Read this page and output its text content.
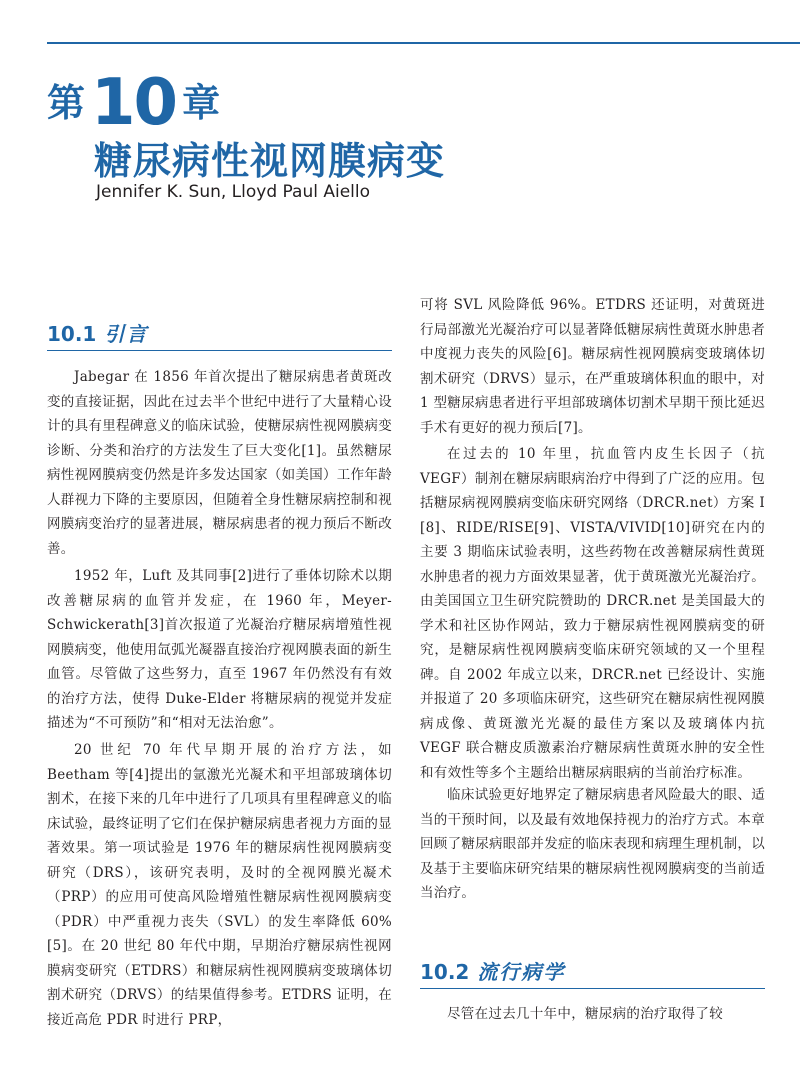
第10 章
糖尿病性视网膜病变
Jennifer K. Sun, Lloyd Paul Aiello
10.1 引言

Jabegar 在 1856 年首次提出了糖尿病患者黄斑改变的直接证据，因此在过去半个世纪中进行了大量精心设计的具有里程碑意义的临床试验，使糖尿病性视网膜病变诊断、分类和治疗的方法发生了巨大变化[1]。虽然糖尿病性视网膜病变仍然是许多发达国家（如美国）工作年龄人群视力下降的主要原因，但随着全身性糖尿病控制和视网膜病变治疗的显著进展，糖尿病患者的视力预后不断改善。

1952 年，Luft 及其同事[2]进行了垂体切除术以期改善糖尿病的血管并发症，在 1960 年，Meyer-Schwickerath[3]首次报道了光凝治疗糖尿病增殖性视网膜病变，他使用氙弧光凝器直接治疗视网膜表面的新生血管。尽管做了这些努力，直至 1967 年仍然没有有效的治疗方法，使得 Duke-Elder 将糖尿病的视觉并发症描述为“不可预防”和“相对无法治愈”。

20 世纪 70 年代早期开展的治疗方法，如 Beetham 等[4]提出的氩激光光凝术和平坦部玻璃体切割术，在接下来的几年中进行了几项具有里程碑意义的临床试验，最终证明了它们在保护糖尿病患者视力方面的显著效果。第一项试验是 1976 年的糖尿病性视网膜病变研究（DRS），该研究表明，及时的全视网膜光凝术（PRP）的应用可使高风险增殖性糖尿病性视网膜病变（PDR）中严重视力丧失（SVL）的发生率降低 60%[5]。在 20 世纪 80 年代中期，早期治疗糖尿病性视网膜病变研究（ETDRS）和糖尿病性视网膜病变玻璃体切割术研究（DRVS）的结果值得参考。ETDRS 证明，在接近高危 PDR 时进行 PRP，

可将 SVL 风险降低 96%。ETDRS 还证明，对黄斑进行局部激光光凝治疗可以显著降低糖尿病性黄斑水肿患者中度视力丧失的风险[6]。糖尿病性视网膜病变玻璃体切割术研究（DRVS）显示，在严重玻璃体积血的眼中，对 1 型糖尿病患者进行平坦部玻璃体切割术早期干预比延迟手术有更好的视力预后[7]。

在过去的 10 年里，抗血管内皮生长因子（抗 VEGF）制剂在糖尿病眼病治疗中得到了广泛的应用。包括糖尿病视网膜病变临床研究网络（DRCR.net）方案 I [8]、RIDE/RISE[9]、VISTA/VIVID[10]研究在内的主要 3 期临床试验表明，这些药物在改善糖尿病性黄斑水肿患者的视力方面效果显著，优于黄斑激光光凝治疗。由美国国立卫生研究院赞助的 DRCR.net 是美国最大的学术和社区协作网站，致力于糖尿病性视网膜病变的研究，是糖尿病性视网膜病变临床研究领域的又一个里程碑。自 2002 年成立以来，DRCR.net 已经设计、实施并报道了 20 多项临床研究，这些研究在糖尿病性视网膜病成像、黄斑激光光凝的最佳方案以及玻璃体内抗 VEGF 联合糖皮质激素治疗糖尿病性黄斑水肿的安全性和有效性等多个主题给出糖尿病眼病的当前治疗标准。

临床试验更好地界定了糖尿病患者风险最大的眼、适当的干预时间，以及最有效地保持视力的治疗方式。本章回顾了糖尿病眼部并发症的临床表现和病理生理机制，以及基于主要临床研究结果的糖尿病性视网膜病变的当前适当治疗。

10.2 流行病学

尽管在过去几十年中，糖尿病的治疗取得了较
